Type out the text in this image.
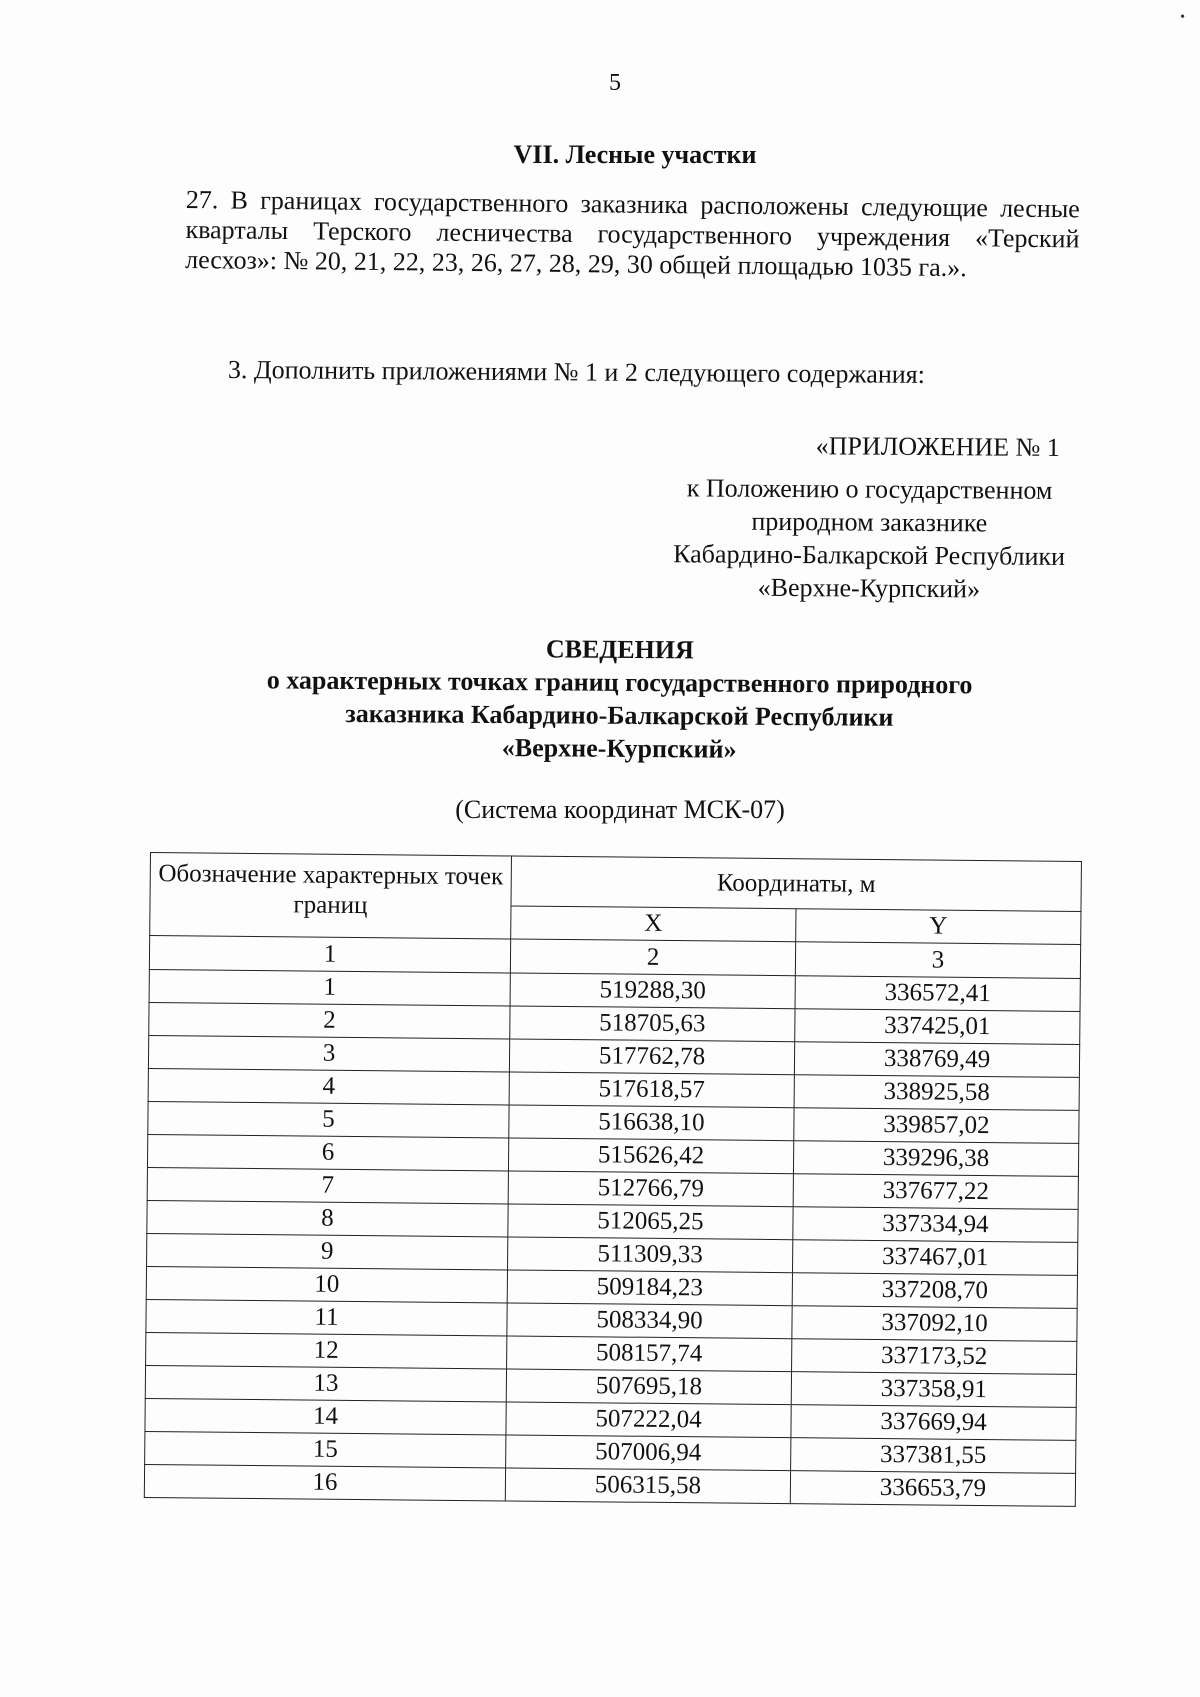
•
5
VII. Лесные участки
27. В границах государственного заказника расположены следующие лесные кварталы Терского лесничества государственного учреждения «Терский лесхоз»: № 20, 21, 22, 23, 26, 27, 28, 29, 30 общей площадью 1035 га.».
3. Дополнить приложениями № 1 и 2 следующего содержания:
«ПРИЛОЖЕНИЕ № 1
к Положению о государственном
природном заказнике
Кабардино-Балкарской Республики
«Верхне-Курпский»
СВЕДЕНИЯ
о характерных точках границ государственного природного
заказника Кабардино-Балкарской Республики
«Верхне-Курпский»
(Система координат МСК-07)
Обозначение характерных точек границ	Координаты, м	
	X	Y
1	2	3
1	519288,30	336572,41
2	518705,63	337425,01
3	517762,78	338769,49
4	517618,57	338925,58
5	516638,10	339857,02
6	515626,42	339296,38
7	512766,79	337677,22
8	512065,25	337334,94
9	511309,33	337467,01
10	509184,23	337208,70
11	508334,90	337092,10
12	508157,74	337173,52
13	507695,18	337358,91
14	507222,04	337669,94
15	507006,94	337381,55
16	506315,58	336653,79
